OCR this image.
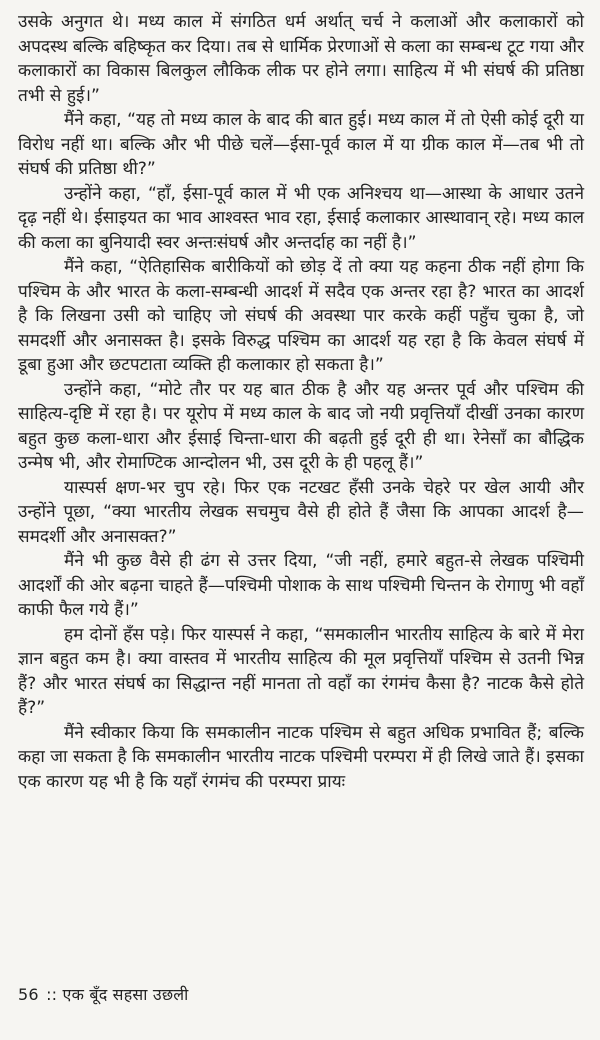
उसके अनुगत थे। मध्य काल में संगठित धर्म अर्थात् चर्च ने कलाओं और कलाकारों को अपदस्थ बल्कि बहिष्कृत कर दिया। तब से धार्मिक प्रेरणाओं से कला का सम्बन्ध टूट गया और कलाकारों का विकास बिलकुल लौकिक लीक पर होने लगा। साहित्य में भी संघर्ष की प्रतिष्ठा तभी से हुई।”

मैंने कहा, “यह तो मध्य काल के बाद की बात हुई। मध्य काल में तो ऐसी कोई दूरी या विरोध नहीं था। बल्कि और भी पीछे चलें—ईसा-पूर्व काल में या ग्रीक काल में—तब भी तो संघर्ष की प्रतिष्ठा थी?”

उन्होंने कहा, “हाँ, ईसा-पूर्व काल में भी एक अनिश्चय था—आस्था के आधार उतने दृढ़ नहीं थे। ईसाइयत का भाव आश्वस्त भाव रहा, ईसाई कलाकार आस्थावान् रहे। मध्य काल की कला का बुनियादी स्वर अन्तःसंघर्ष और अन्तर्दाह का नहीं है।”

मैंने कहा, “ऐतिहासिक बारीकियों को छोड़ दें तो क्या यह कहना ठीक नहीं होगा कि पश्चिम के और भारत के कला-सम्बन्धी आदर्श में सदैव एक अन्तर रहा है? भारत का आदर्श है कि लिखना उसी को चाहिए जो संघर्ष की अवस्था पार करके कहीं पहुँच चुका है, जो समदर्शी और अनासक्त है। इसके विरुद्ध पश्चिम का आदर्श यह रहा है कि केवल संघर्ष में डूबा हुआ और छटपटाता व्यक्ति ही कलाकार हो सकता है।”

उन्होंने कहा, “मोटे तौर पर यह बात ठीक है और यह अन्तर पूर्व और पश्चिम की साहित्य-दृष्टि में रहा है। पर यूरोप में मध्य काल के बाद जो नयी प्रवृत्तियाँ दीखीं उनका कारण बहुत कुछ कला-धारा और ईसाई चिन्ता-धारा की बढ़ती हुई दूरी ही था। रेनेसाँ का बौद्धिक उन्मेष भी, और रोमाण्टिक आन्दोलन भी, उस दूरी के ही पहलू हैं।”

यास्पर्स क्षण-भर चुप रहे। फिर एक नटखट हँसी उनके चेहरे पर खेल आयी और उन्होंने पूछा, “क्या भारतीय लेखक सचमुच वैसे ही होते हैं जैसा कि आपका आदर्श है—समदर्शी और अनासक्त?”

मैंने भी कुछ वैसे ही ढंग से उत्तर दिया, “जी नहीं, हमारे बहुत-से लेखक पश्चिमी आदर्शों की ओर बढ़ना चाहते हैं—पश्चिमी पोशाक के साथ पश्चिमी चिन्तन के रोगाणु भी वहाँ काफी फैल गये हैं।”

हम दोनों हँस पड़े। फिर यास्पर्स ने कहा, “समकालीन भारतीय साहित्य के बारे में मेरा ज्ञान बहुत कम है। क्या वास्तव में भारतीय साहित्य की मूल प्रवृत्तियाँ पश्चिम से उतनी भिन्न हैं? और भारत संघर्ष का सिद्धान्त नहीं मानता तो वहाँ का रंगमंच कैसा है? नाटक कैसे होते हैं?”

मैंने स्वीकार किया कि समकालीन नाटक पश्चिम से बहुत अधिक प्रभावित हैं; बल्कि कहा जा सकता है कि समकालीन भारतीय नाटक पश्चिमी परम्परा में ही लिखे जाते हैं। इसका एक कारण यह भी है कि यहाँ रंगमंच की परम्परा प्रायः

56 :: एक बूँद सहसा उछली
